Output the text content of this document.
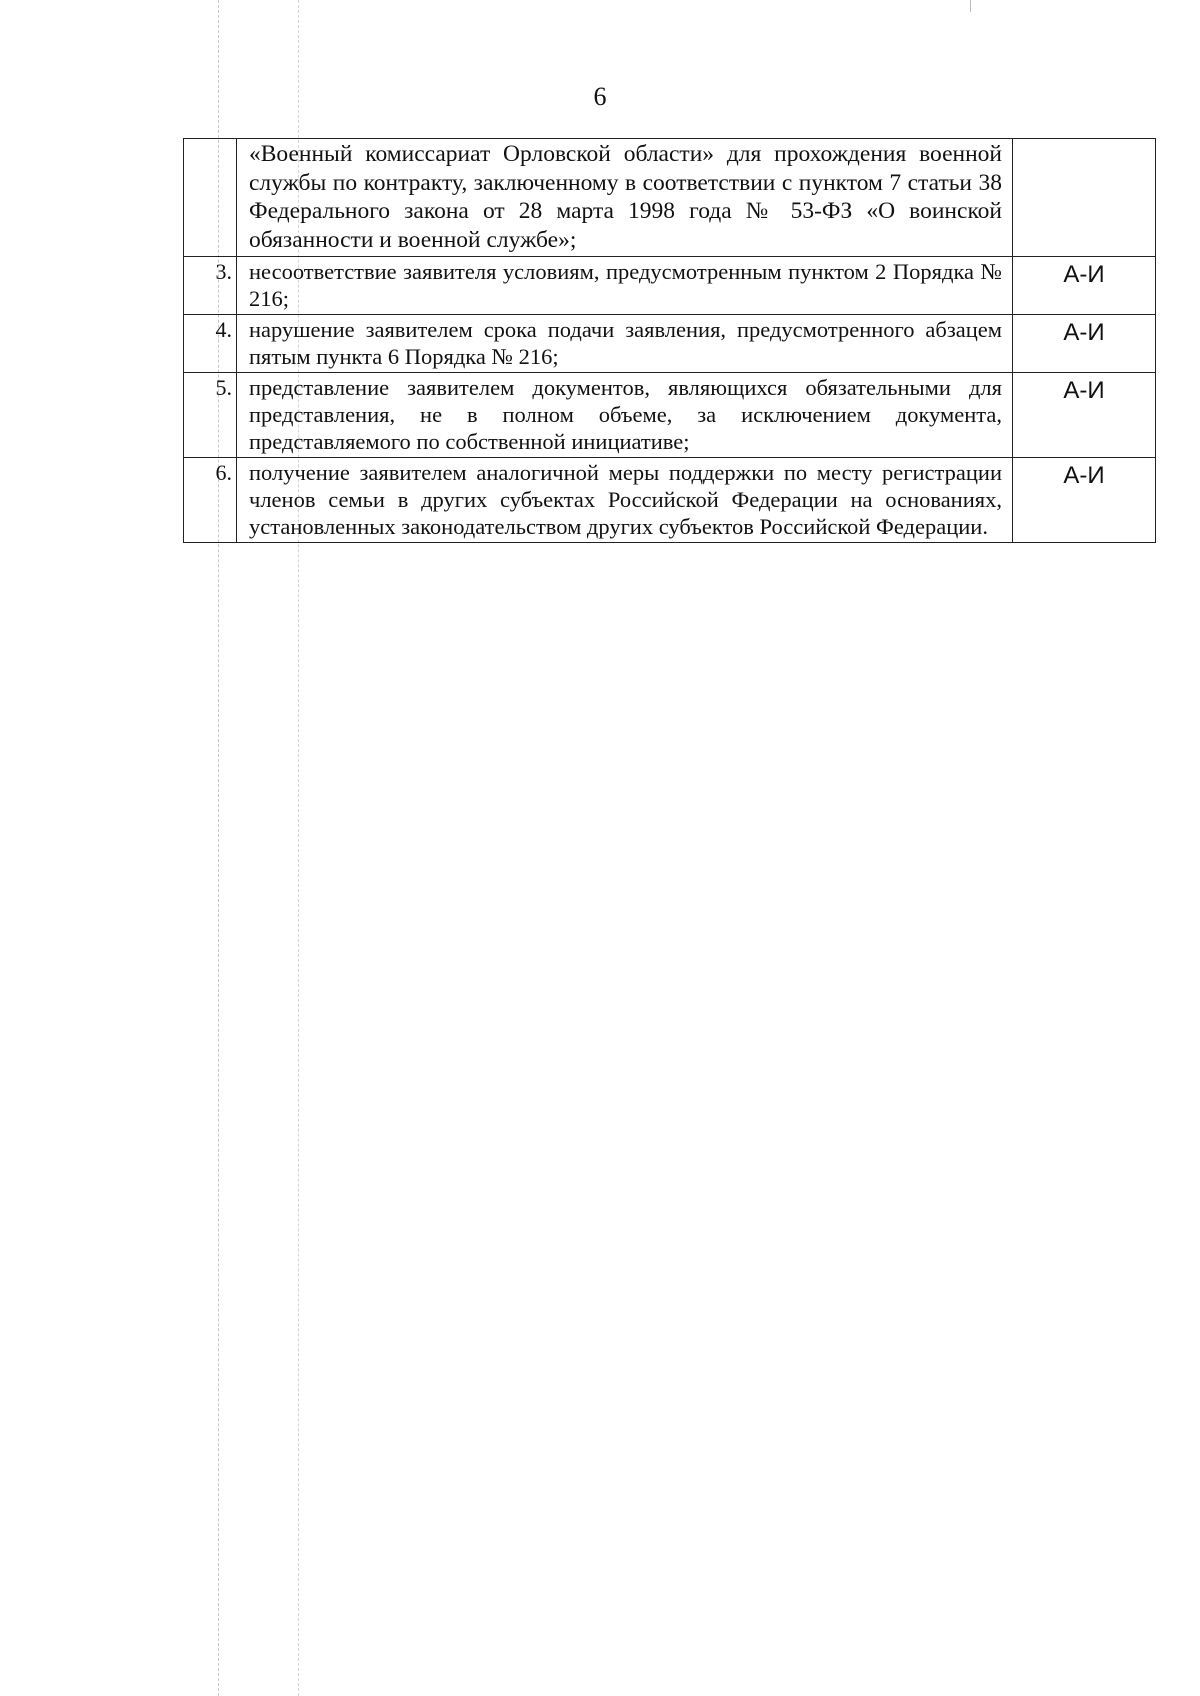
6
	«Военный комиссариат Орловской области» для прохождения военной службы по контракту, заключенному в соответствии с пунктом 7 статьи 38 Федерального закона от 28 марта 1998 года № 53-ФЗ «О воинской обязанности и военной службе»;	
3.	несоответствие заявителя условиям, предусмотренным пунктом 2 Порядка № 216;	А-И
4.	нарушение заявителем срока подачи заявления, предусмотренного абзацем пятым пункта 6 Порядка № 216;	А-И
5.	представление заявителем документов, являющихся обязательными для представления, не в полном объеме, за исключением документа, представляемого по собственной инициативе;	А-И
6.	получение заявителем аналогичной меры поддержки по месту регистрации членов семьи в других субъектах Российской Федерации на основаниях, установленных законодательством других субъектов Российской Федерации.	А-И
